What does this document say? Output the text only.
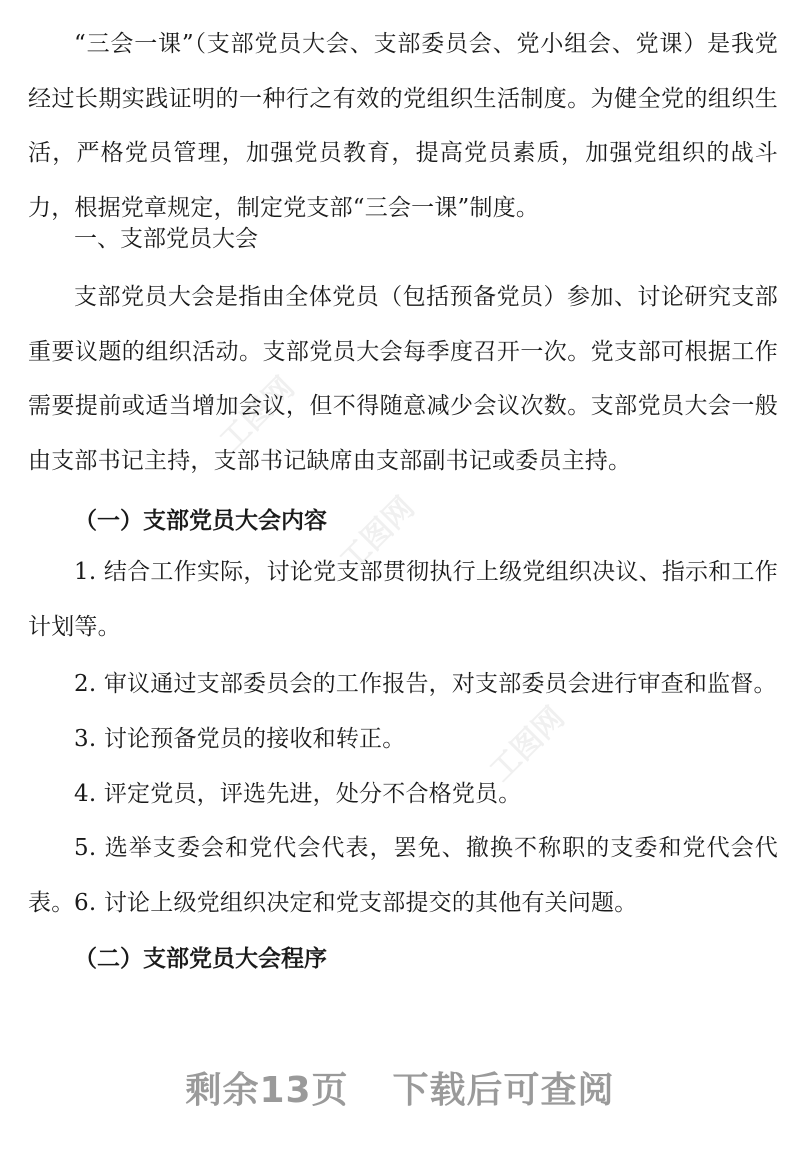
工图网
工图网
工图网

“三会一课”（支部党员大会、支部委员会、党小组会、党课）是我党经过长期实践证明的一种行之有效的党组织生活制度。为健全党的组织生活，严格党员管理，加强党员教育，提高党员素质，加强党组织的战斗力，根据党章规定，制定党支部“三会一课”制度。

一、支部党员大会

支部党员大会是指由全体党员（包括预备党员）参加、讨论研究支部重要议题的组织活动。支部党员大会每季度召开一次。党支部可根据工作需要提前或适当增加会议，但不得随意减少会议次数。支部党员大会一般由支部书记主持，支部书记缺席由支部副书记或委员主持。

（一）支部党员大会内容

1. 结合工作实际，讨论党支部贯彻执行上级党组织决议、指示和工作计划等。

2. 审议通过支部委员会的工作报告，对支部委员会进行审查和监督。

3. 讨论预备党员的接收和转正。

4. 评定党员，评选先进，处分不合格党员。

5. 选举支委会和党代会代表，罢免、撤换不称职的支委和党代会代表。 6. 讨论上级党组织决定和党支部提交的其他有关问题。

（二）支部党员大会程序
剩余13页 下载后可查阅
